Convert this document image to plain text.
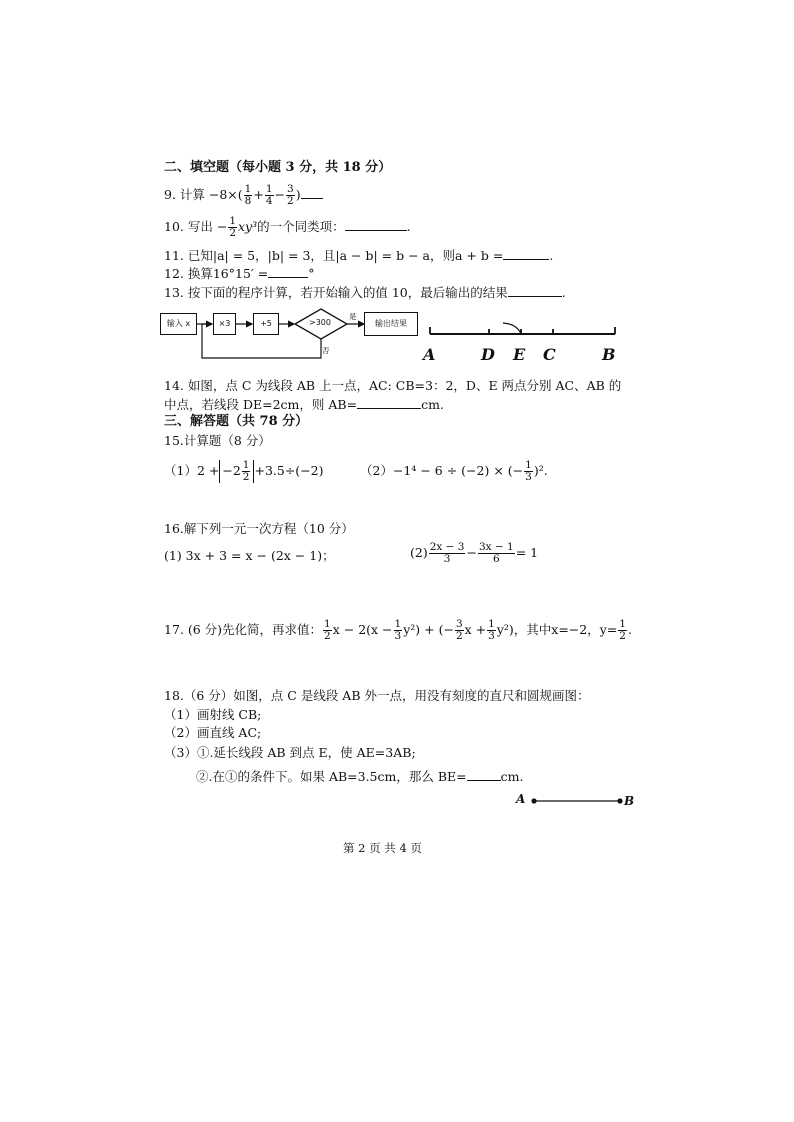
二、填空题（每小题 3 分，共 18 分）
9. 计算 $-8\times( \frac{1}{8} + \frac{1}{4} - \frac{3}{2}$ )
10. 写出 − $\frac{1}{2} xy^3$的一个同类项：	.
11. 已知|a| = 5，|b| = 3，且|a − b| = b − a，则a + b =	.
12. 换算16°15′ =	°
13. 按下面的程序计算，若开始输入的值 10，最后输出的结果	.
输入 x	×3	+5	>300
是
否
输出结果
A	D E C	B
14. 如图，点 C 为线段 AB 上一点，AC: CB=3：2，D、E 两点分别 AC、AB 的
中点，若线段 DE=2cm，则 AB=	cm.
三、解答题（共 78 分）
15.计算题（8 分）
$(1)2 + -2 \frac{1}{2} +3.5\div(-2)$	（2）−1⁴ − 6 ÷ (−2) × (− $\frac{1}{3} )^2$.
16.解下列一元一次方程（10 分）
(1) 3x + 3 = x − (2x − 1)；	$(2) \frac{2x - 3}{3} - \frac{3x - 1}{6} = 1$
17. (6 分)先化简，再求值： $\frac{1}{2}$ $x - 2(x - \frac{1}{3} y^2)$ + (− $\frac{3}{2}$ $x + \frac{1}{3} y^2$)，其中x=−2，$y= \frac{1}{2}$ .
18.（6 分）如图，点 C 是线段 AB 外一点，用没有刻度的直尺和圆规画图：
（1）画射线 CB;
（2）画直线 AC;
（3）①.延长线段 AB 到点 E，使 AE=3AB;
②.在①的条件下。如果 AB=3.5cm，那么 BE=	cm.
A	B
第 2 页 共 4 页
